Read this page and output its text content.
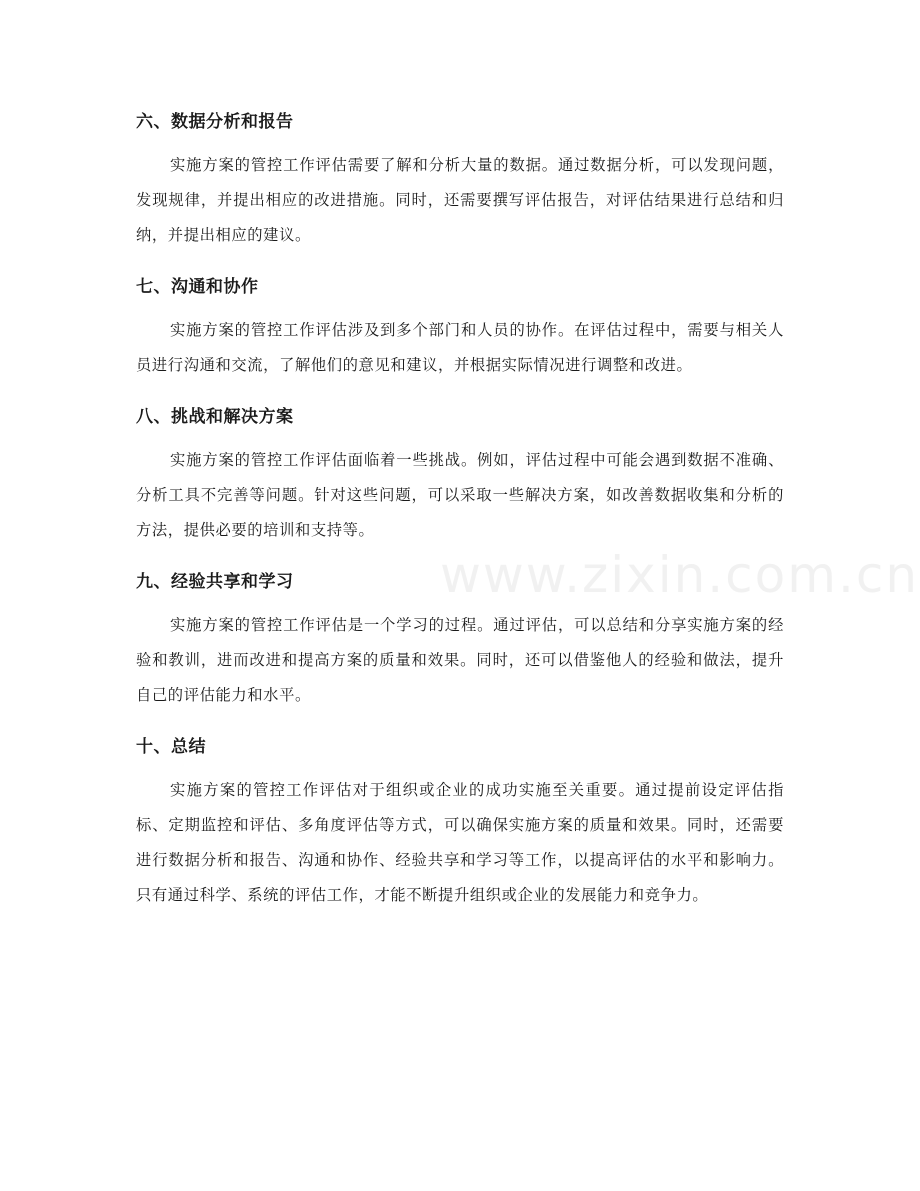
六、数据分析和报告

实施方案的管控工作评估需要了解和分析大量的数据。通过数据分析，可以发现问题，发现规律，并提出相应的改进措施。同时，还需要撰写评估报告，对评估结果进行总结和归纳，并提出相应的建议。

七、沟通和协作

实施方案的管控工作评估涉及到多个部门和人员的协作。在评估过程中，需要与相关人员进行沟通和交流，了解他们的意见和建议，并根据实际情况进行调整和改进。

八、挑战和解决方案

实施方案的管控工作评估面临着一些挑战。例如，评估过程中可能会遇到数据不准确、分析工具不完善等问题。针对这些问题，可以采取一些解决方案，如改善数据收集和分析的方法，提供必要的培训和支持等。

九、经验共享和学习

实施方案的管控工作评估是一个学习的过程。通过评估，可以总结和分享实施方案的经验和教训，进而改进和提高方案的质量和效果。同时，还可以借鉴他人的经验和做法，提升自己的评估能力和水平。

十、总结

实施方案的管控工作评估对于组织或企业的成功实施至关重要。通过提前设定评估指标、定期监控和评估、多角度评估等方式，可以确保实施方案的质量和效果。同时，还需要进行数据分析和报告、沟通和协作、经验共享和学习等工作，以提高评估的水平和影响力。只有通过科学、系统的评估工作，才能不断提升组织或企业的发展能力和竞争力。

www.zixin.com.cn
